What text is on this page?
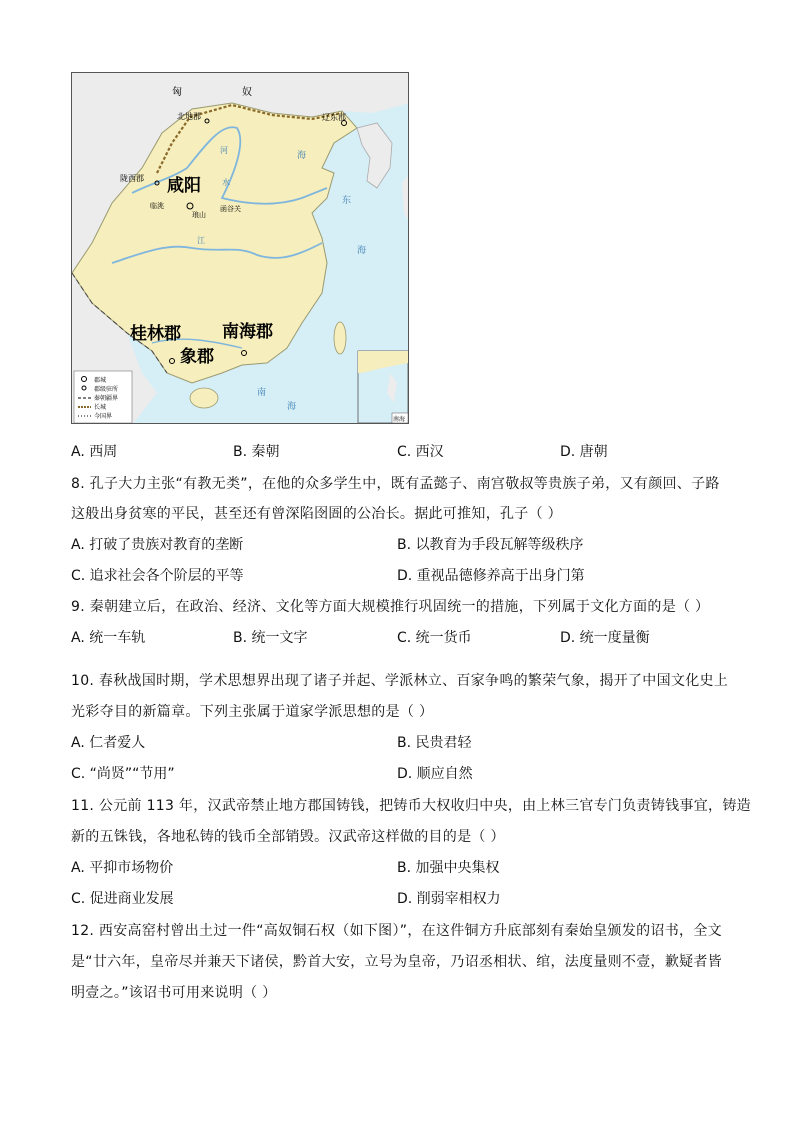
匈	奴
咸阳
桂林郡
象郡
南海郡
辽东郡
陇西郡
北地郡
临洮
琅山
函谷关
河
水
江
海
东
海
南
海
郡城
郡级驻所
秦朝疆界
长城
今国界	南海
A. 西周	B. 秦朝	C. 西汉	D. 唐朝
8. 孔子大力主张“有教无类”，在他的众多学生中，既有孟懿子、南宫敬叔等贵族子弟，又有颜回、子路
这般出身贫寒的平民，甚至还有曾深陷囹圄的公冶长。据此可推知，孔子（ ）
A. 打破了贵族对教育的垄断	B. 以教育为手段瓦解等级秩序
C. 追求社会各个阶层的平等	D. 重视品德修养高于出身门第
9. 秦朝建立后，在政治、经济、文化等方面大规模推行巩固统一的措施，下列属于文化方面的是（ ）
A. 统一车轨	B. 统一文字	C. 统一货币	D. 统一度量衡
10. 春秋战国时期，学术思想界出现了诸子并起、学派林立、百家争鸣的繁荣气象，揭开了中国文化史上
光彩夺目的新篇章。下列主张属于道家学派思想的是（ ）
A. 仁者爱人	B. 民贵君轻
C. “尚贤”“节用”	D. 顺应自然
11. 公元前 113 年，汉武帝禁止地方郡国铸钱，把铸币大权收归中央，由上林三官专门负责铸钱事宜，铸造
新的五铢钱，各地私铸的钱币全部销毁。汉武帝这样做的目的是（ ）
A. 平抑市场物价	B. 加强中央集权
C. 促进商业发展	D. 削弱宰相权力
12. 西安高窑村曾出土过一件“高奴铜石权（如下图）”，在这件铜方升底部刻有秦始皇颁发的诏书，全文
是“廿六年，皇帝尽并兼天下诸侯，黔首大安，立号为皇帝，乃诏丞相状、绾，法度量则不壹，歉疑者皆
明壹之。”该诏书可用来说明（ ）
